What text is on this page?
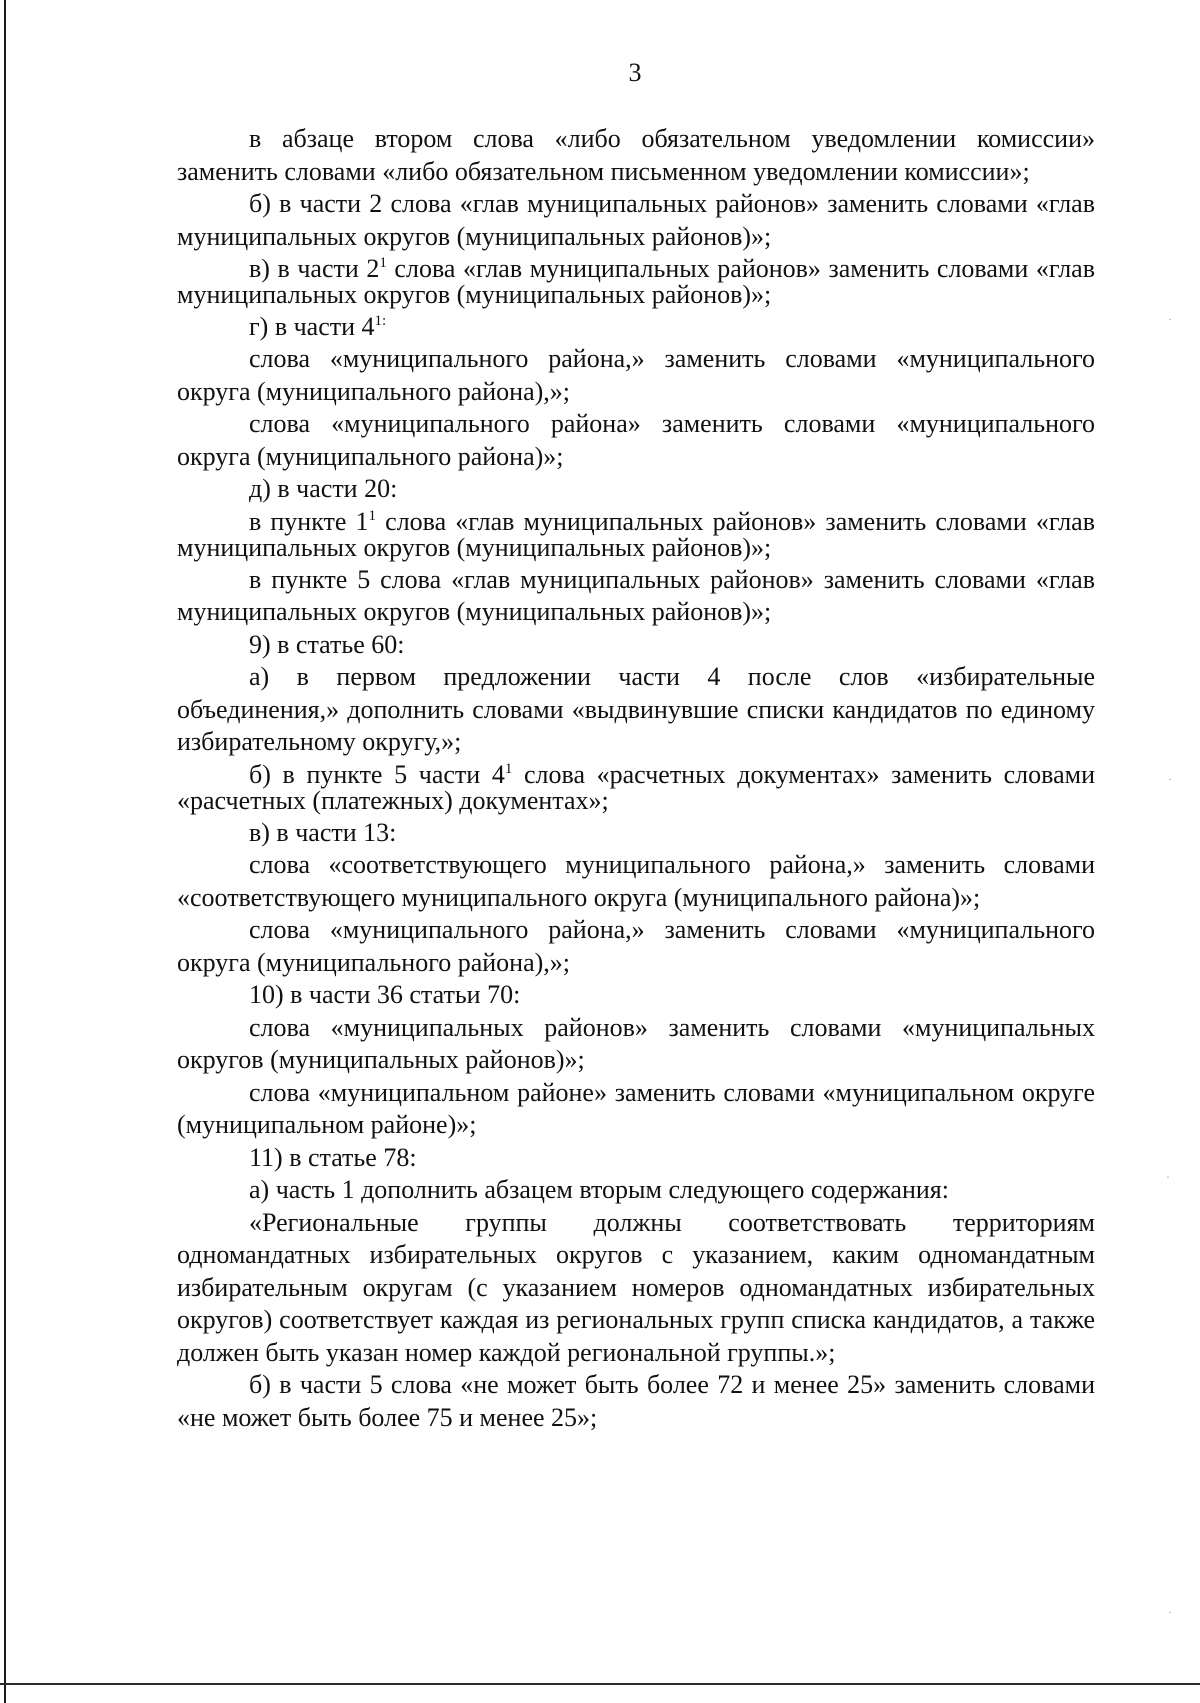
3

в абзаце втором слова «либо обязательном уведомлении комиссии» заменить словами «либо обязательном письменном уведомлении комиссии»;

б) в части 2 слова «глав муниципальных районов» заменить словами «глав муниципальных округов (муниципальных районов)»;

в) в части $2^1$ слова «глав муниципальных районов» заменить словами «глав муниципальных округов (муниципальных районов)»;

г) в части $4^{1:}$

слова «муниципального района,» заменить словами «муниципального округа (муниципального района),»;

слова «муниципального района» заменить словами «муниципального округа (муниципального района)»;

д) в части 20:

в пункте $1^1$ слова «глав муниципальных районов» заменить словами «глав муниципальных округов (муниципальных районов)»;

в пункте 5 слова «глав муниципальных районов» заменить словами «глав муниципальных округов (муниципальных районов)»;

9) в статье 60:

а) в первом предложении части 4 после слов «избирательные объединения,» дополнить словами «выдвинувшие списки кандидатов по единому избирательному округу,»;

б) в пункте 5 части $4^1$ слова «расчетных документах» заменить словами «расчетных (платежных) документах»;

в) в части 13:

слова «соответствующего муниципального района,» заменить словами «соответствующего муниципального округа (муниципального района)»;

слова «муниципального района,» заменить словами «муниципального округа (муниципального района),»;

10) в части 36 статьи 70:

слова «муниципальных районов» заменить словами «муниципальных округов (муниципальных районов)»;

слова «муниципальном районе» заменить словами «муниципальном округе (муниципальном районе)»;

11) в статье 78:

а) часть 1 дополнить абзацем вторым следующего содержания:

«Региональные группы должны соответствовать территориям одномандатных избирательных округов с указанием, каким одномандатным избирательным округам (с указанием номеров одномандатных избирательных округов) соответствует каждая из региональных групп списка кандидатов, а также должен быть указан номер каждой региональной группы.»;

б) в части 5 слова «не может быть более 72 и менее 25» заменить словами «не может быть более 75 и менее 25»;

·
·
·
·
